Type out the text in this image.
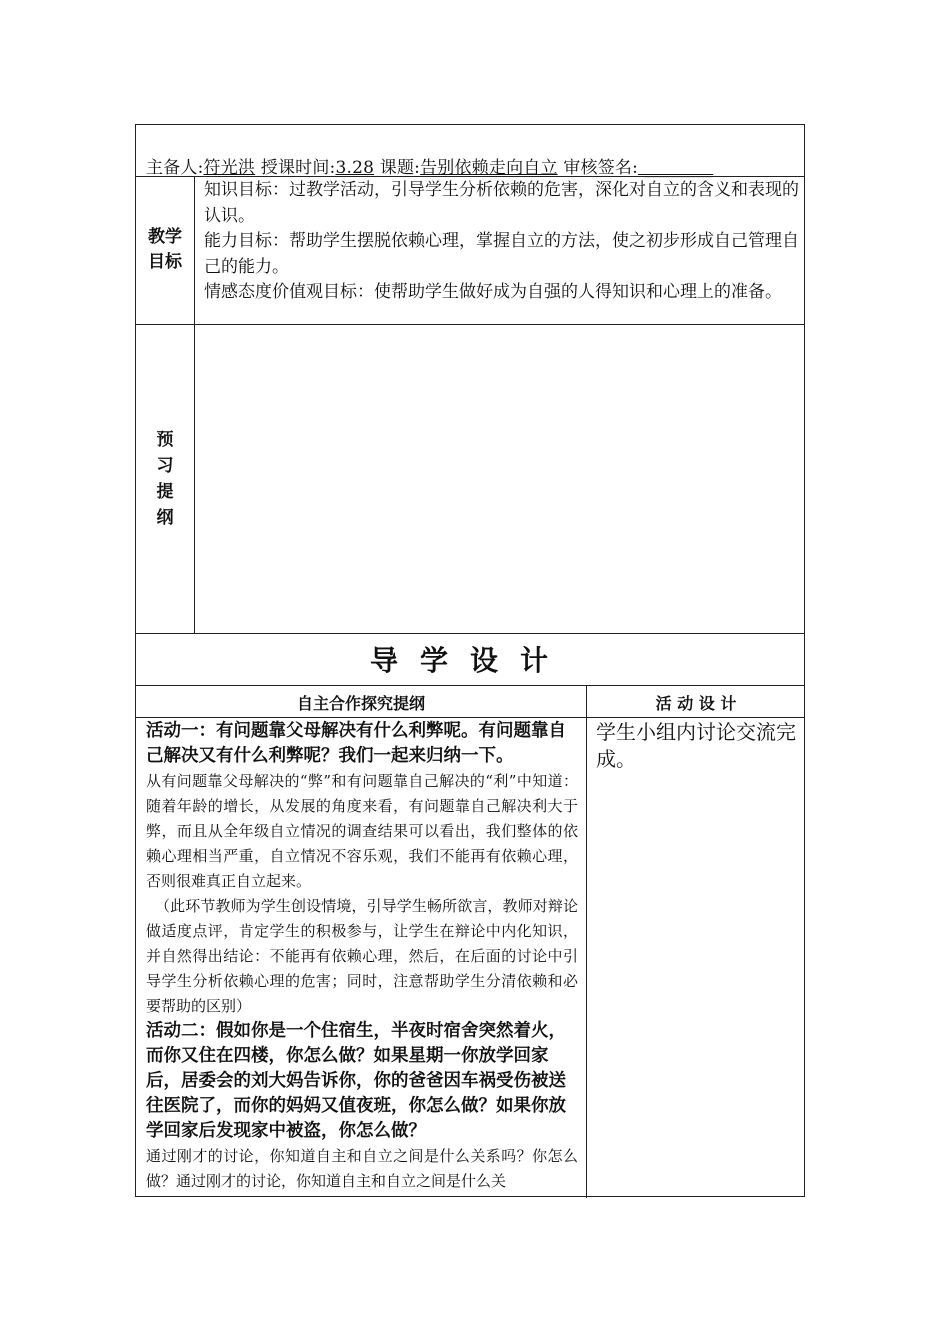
主备人:符光洪 授课时间:3.28 课题:告别依赖走向自立 审核签名: ________
教学
目标

知识目标：过教学活动，引导学生分析依赖的危害，深化对自立的含义和表现的认识。

能力目标：帮助学生摆脱依赖心理，掌握自立的方法，使之初步形成自己管理自己的能力。

情感态度价值观目标：使帮助学生做好成为自强的人得知识和心理上的准备。

预
习
提
纲
导学设计
自主合作探究提纲	活 动 设 计

活动一：有问题靠父母解决有什么利弊呢。有问题靠自己解决又有什么利弊呢？我们一起来归纳一下。

从有问题靠父母解决的“弊”和有问题靠自己解决的“利”中知道：随着年龄的增长，从发展的角度来看，有问题靠自己解决利大于弊，而且从全年级自立情况的调查结果可以看出，我们整体的依赖心理相当严重，自立情况不容乐观，我们不能再有依赖心理，否则很难真正自立起来。

（此环节教师为学生创设情境，引导学生畅所欲言，教师对辩论做适度点评，肯定学生的积极参与，让学生在辩论中内化知识，并自然得出结论：不能再有依赖心理，然后，在后面的讨论中引导学生分析依赖心理的危害；同时，注意帮助学生分清依赖和必要帮助的区别）

活动二：假如你是一个住宿生，半夜时宿舍突然着火，而你又住在四楼，你怎么做？如果星期一你放学回家后，居委会的刘大妈告诉你，你的爸爸因车祸受伤被送往医院了，而你的妈妈又值夜班，你怎么做？如果你放学回家后发现家中被盗，你怎么做？

通过刚才的讨论，你知道自主和自立之间是什么关系吗？你怎么做？通过刚才的讨论，你知道自主和自立之间是什么关

学生小组内讨论交流完成。
